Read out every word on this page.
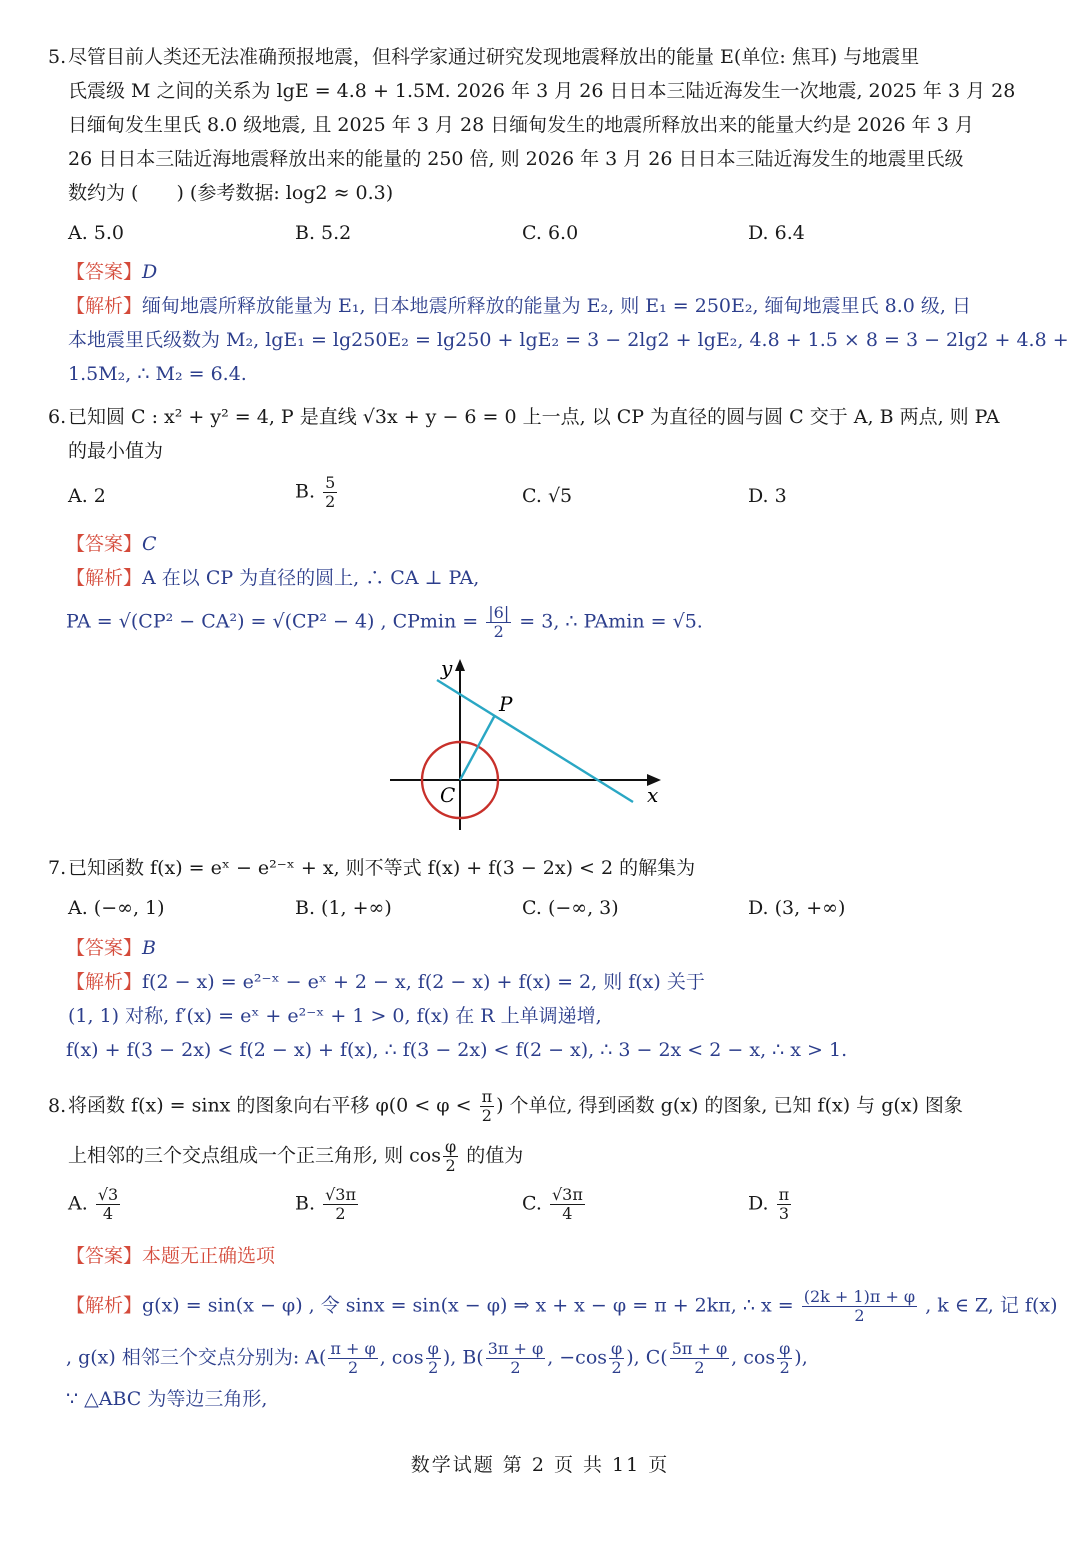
5.尽管目前人类还无法准确预报地震，但科学家通过研究发现地震释放出的能量 E(单位: 焦耳) 与地震里
氏震级 M 之间的关系为 lgE = 4.8 + 1.5M. 2026 年 3 月 26 日日本三陆近海发生一次地震, 2025 年 3 月 28
日缅甸发生里氏 8.0 级地震, 且 2025 年 3 月 28 日缅甸发生的地震所释放出来的能量大约是 2026 年 3 月
26 日日本三陆近海地震释放出来的能量的 250 倍, 则 2026 年 3 月 26 日日本三陆近海发生的地震里氏级
数约为 (　　) (参考数据: log2 ≈ 0.3)
A. 5.0	B. 5.2	C. 6.0	D. 6.4
【答案】D
【解析】缅甸地震所释放能量为 E₁, 日本地震所释放的能量为 E₂, 则 E₁ = 250E₂, 缅甸地震里氏 8.0 级, 日
本地震里氏级数为 M₂, lgE₁ = lg250E₂ = lg250 + lgE₂ = 3 − 2lg2 + lgE₂, 4.8 + 1.5 × 8 = 3 − 2lg2 + 4.8 +
1.5M₂, ∴ M₂ = 6.4.
6.已知圆 C : x² + y² = 4, P 是直线 √3x + y − 6 = 0 上一点, 以 CP 为直径的圆与圆 C 交于 A, B 两点, 则 PA
的最小值为
A. 2	B. $\frac{5}{2}$	C. √5	D. 3
【答案】C
【解析】A 在以 CP 为直径的圆上, ∴ CA ⊥ PA,
PA = √(CP² − CA²) = √(CP² − 4) , $CPmin = \frac{|6|}{2} = 3$, ∴ PAmin = √5.
y
P
C	x
7.已知函数 f(x) = eˣ − e²⁻ˣ + x, 则不等式 f(x) + f(3 − 2x) < 2 的解集为
A. (−∞, 1)	B. (1, +∞)	C. (−∞, 3)	D. (3, +∞)
【答案】B
【解析】f(2 − x) = e²⁻ˣ − eˣ + 2 − x, f(2 − x) + f(x) = 2, 则 f(x) 关于
(1, 1) 对称, f′(x) = eˣ + e²⁻ˣ + 1 > 0, f(x) 在 R 上单调递增,
f(x) + f(3 − 2x) < f(2 − x) + f(x), ∴ f(3 − 2x) < f(2 − x), ∴ 3 − 2x < 2 − x, ∴ x > 1.
8.将函数 f(x) = sinx 的图象向右平移 $\varphi(0 < \varphi < \frac{\pi}{2}$ ) 个单位, 得到函数 g(x) 的图象, 已知 f(x) 与 g(x) 图象
上相邻的三个交点组成一个正三角形, 则 $\cos \frac{\varphi}{2}$ 的值为
A. $\frac{√3}{4}$	B. $\frac{√3\pi}{2}$	C. $\frac{√3\pi}{4}$	D. $\frac{\pi}{3}$
【答案】本题无正确选项
【解析】g(x) = sin(x − φ) , 令 sinx = sin(x − φ) ⇒ x + x − φ = π + 2kπ, ∴ $x = \frac{(2k + 1)\pi + \varphi}{2}$ , k ∈ Z, 记 f(x)
, g(x) 相邻三个交点分别为: $A( \frac{\pi + \varphi}{2}$ , $\cos \frac{\varphi}{2}$ ), $B( \frac{3\pi + \varphi}{2}$ , $-\cos \frac{\varphi}{2}$ ), $C( \frac{5\pi + \varphi}{2}$ , $\cos \frac{\varphi}{2}$ ),
∵ △ABC 为等边三角形,
数学试题 第 2 页 共 11 页
